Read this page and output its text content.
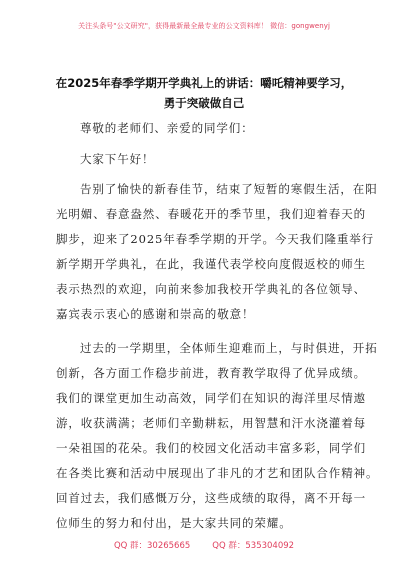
关注头条号"公文研究"，获得最新最全最专业的公文资料库！ 微信：gongwenyj
在2025年春季学期开学典礼上的讲话：嚼吒精神要学习，
勇于突破做自己
尊敬的老师们、亲爱的同学们：
大家下午好！
告别了愉快的新春佳节，结束了短暂的寒假生活，在阳
光明媚、春意盎然、春暖花开的季节里，我们迎着春天的
脚步，迎来了2025年春季学期的开学。今天我们隆重举行
新学期开学典礼，在此，我谨代表学校向度假返校的师生
表示热烈的欢迎，向前来参加我校开学典礼的各位领导、
嘉宾表示衷心的感谢和崇高的敬意！
过去的一学期里，全体师生迎难而上，与时俱进，开拓
创新，各方面工作稳步前进，教育教学取得了优异成绩。
我们的课堂更加生动高效，同学们在知识的海洋里尽情遨
游，收获满满；老师们辛勤耕耘，用智慧和汗水浇灌着每
一朵祖国的花朵。我们的校园文化活动丰富多彩，同学们
在各类比赛和活动中展现出了非凡的才艺和团队合作精神。
回首过去，我们感慨万分，这些成绩的取得，离不开每一
位师生的努力和付出，是大家共同的荣耀。
QQ 群：30265665	QQ 群：535304092
